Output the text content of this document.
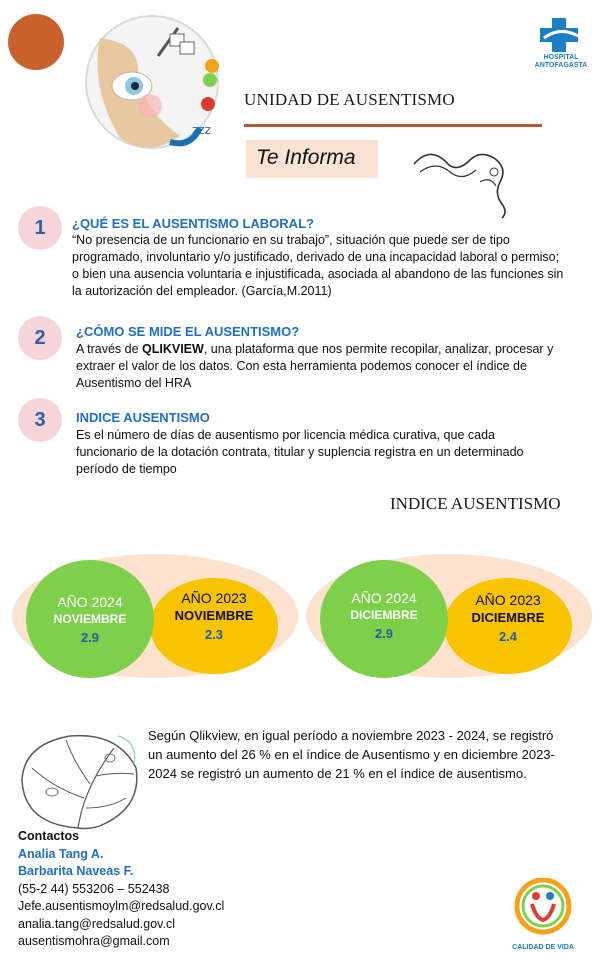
zzz
HOSPITAL
ANTOFAGASTA
UNIDAD DE AUSENTISMO
Te Informa
1	¿QUÉ ES EL AUSENTISMO LABORAL?
“No presencia de un funcionario en su trabajo”, situación que puede ser de tipo programado, involuntario y/o justificado, derivado de una incapacidad laboral o permiso; o bien una ausencia voluntaria e injustificada, asociada al abandono de las funciones sin la autorización del empleador. (García,M.2011)
2	¿CÓMO SE MIDE EL AUSENTISMO?
A través de QLIKVIEW, una plataforma que nos permite recopilar, analizar, procesar y extraer el valor de los datos. Con esta herramienta podemos conocer el índice de Ausentismo del HRA
3	INDICE AUSENTISMO
Es el número de días de ausentismo por licencia médica curativa, que cada funcionario de la dotación contrata, titular y suplencia registra en un determinado período de tiempo
INDICE AUSENTISMO
AÑO 2023
NOVIEMBRE
2.3
AÑO 2024
NOVIEMBRE
2.9
AÑO 2023
DICIEMBRE
2.4
AÑO 2024
DICIEMBRE
2.9
Según Qlikview, en igual período a noviembre 2023 - 2024, se registró un aumento del 26 % en el índice de Ausentismo y en diciembre 2023-2024 se registró un aumento de 21 % en el índice de ausentismo.
Contactos
Analia Tang A.
Barbarita Naveas F.
(55-2 44) 553206 – 552438
Jefe.ausentismoylm@redsalud.gov.cl
analia.tang@redsalud.gov.cl
ausentismohra@gmail.com	CALIDAD DE VIDA
